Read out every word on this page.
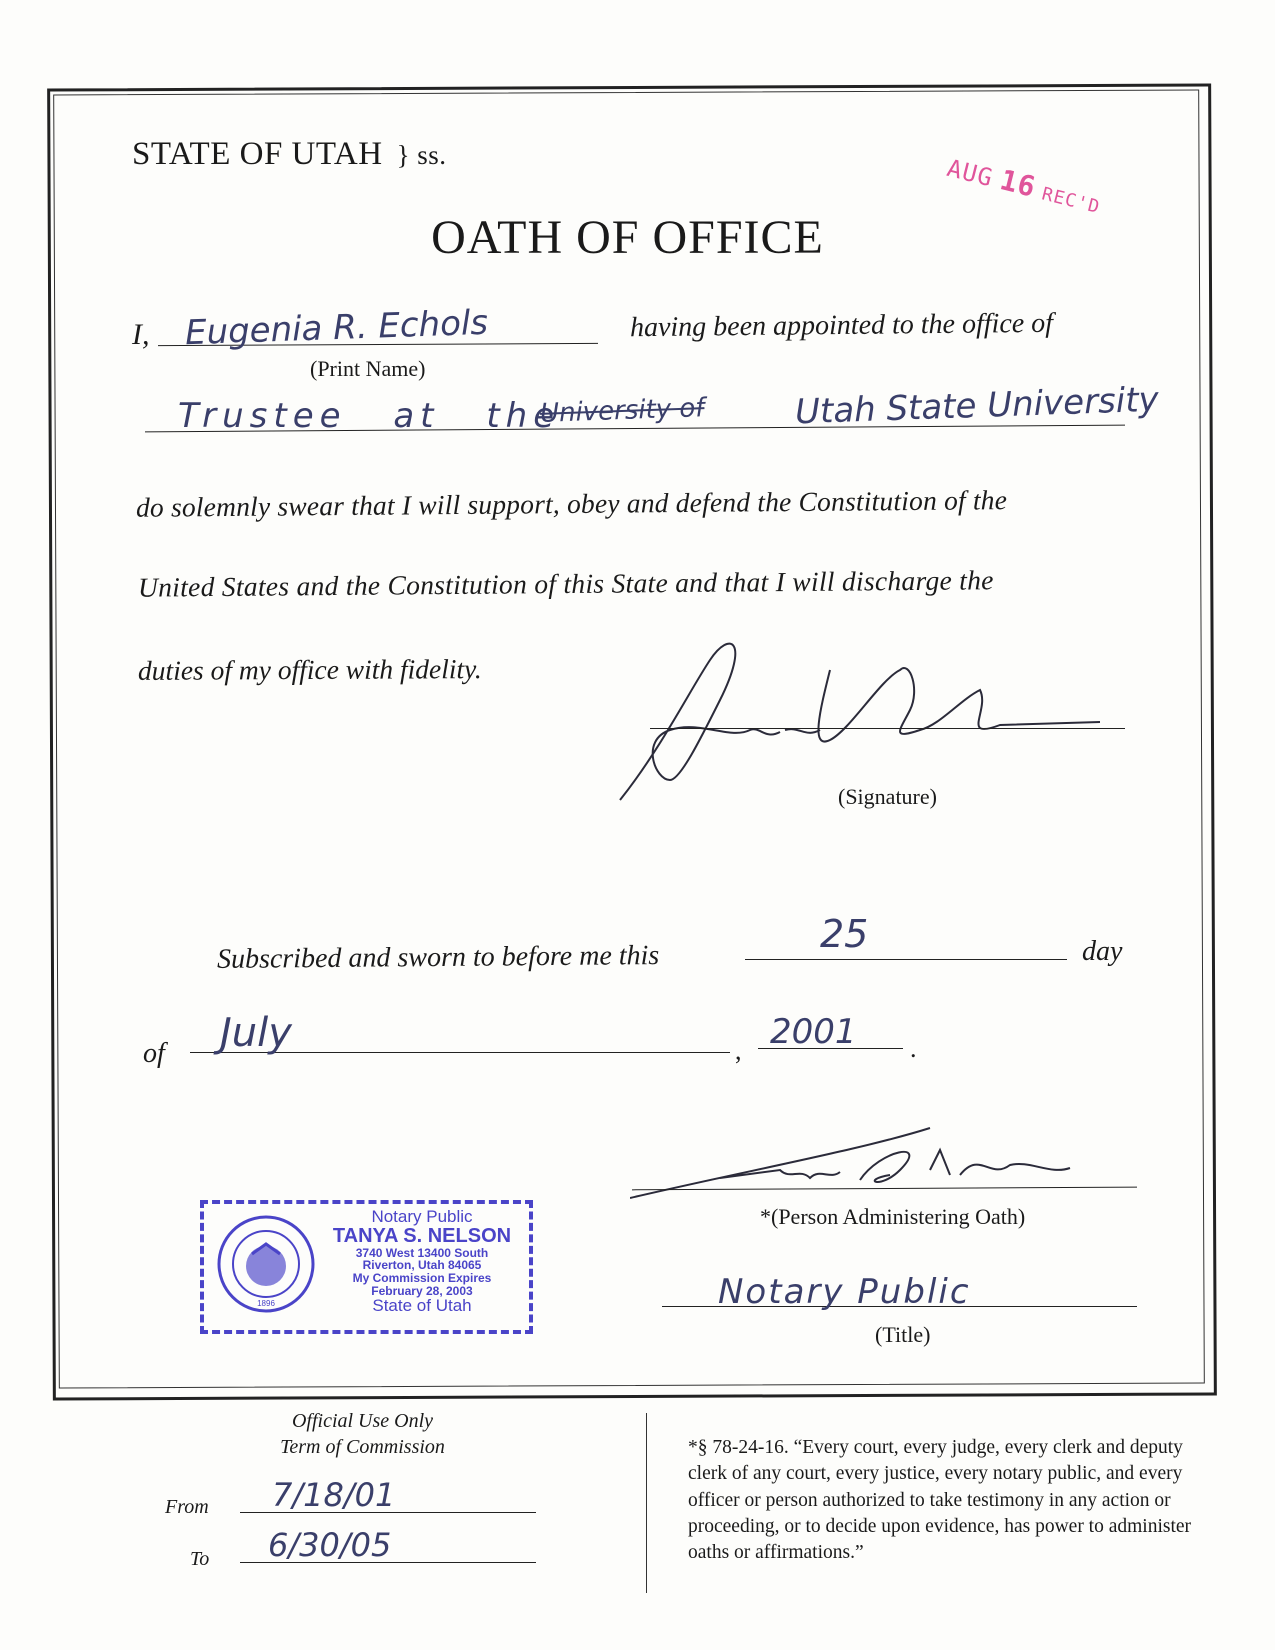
STATE OF UTAH } ss.	AUG16REC'D
OATH OF OFFICE
I, Eugenia R. Echols
(Print Name)
having been appointed to the office of
Trustee at the
University of	Utah State University
do solemnly swear that I will support, obey and defend the Constitution of the
United States and the Constitution of this State and that I will discharge the
duties of my office with fidelity.
(Signature)
Subscribed and sworn to before me this
25	day
of July	, 2001 .
*(Person Administering Oath)
Notary Public
(Title)
1896
Notary Public
TANYA S. NELSON
3740 West 13400 South
Riverton, Utah 84065
My Commission Expires
February 28, 2003
State of Utah
Official Use Only
Term of Commission
From 7/18/01
To 6/30/05
*§ 78-24-16. “Every court, every judge, every clerk and deputy clerk of any court, every justice, every notary public, and every officer or person authorized to take testimony in any action or proceeding, or to decide upon evidence, has power to administer oaths or affirmations.”
